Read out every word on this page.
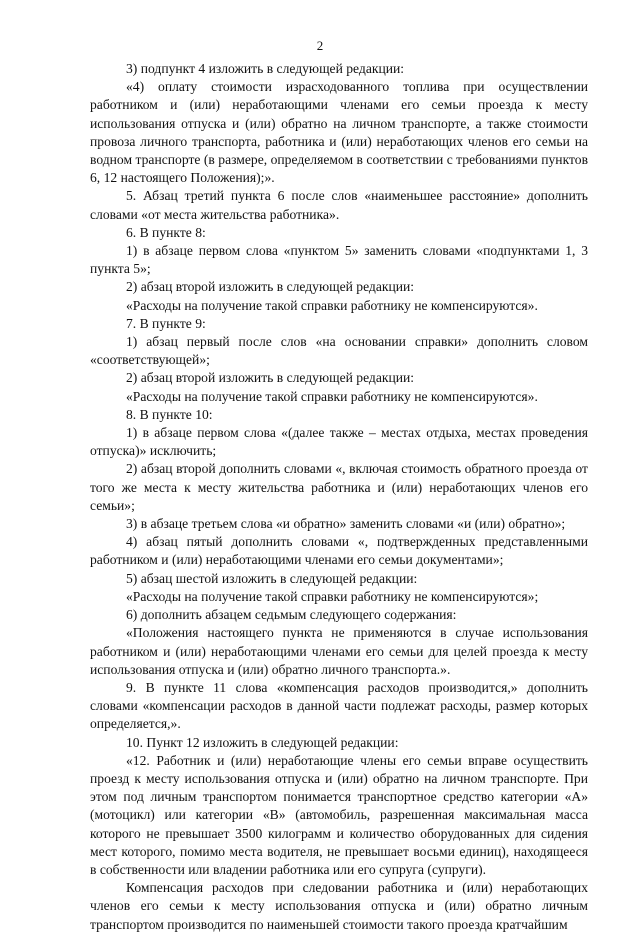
2

3) подпункт 4 изложить в следующей редакции:

«4) оплату стоимости израсходованного топлива при осуществлении работником и (или) неработающими членами его семьи проезда к месту использования отпуска и (или) обратно на личном транспорте, а также стоимости провоза личного транспорта, работника и (или) неработающих членов его семьи на водном транспорте (в размере, определяемом в соответствии с требованиями пунктов 6, 12 настоящего Положения);».

5. Абзац третий пункта 6 после слов «наименьшее расстояние» дополнить словами «от места жительства работника».

6. В пункте 8:

1) в абзаце первом слова «пунктом 5» заменить словами «подпунктами 1, 3 пункта 5»;

2) абзац второй изложить в следующей редакции:

«Расходы на получение такой справки работнику не компенсируются».

7. В пункте 9:

1) абзац первый после слов «на основании справки» дополнить словом «соответствующей»;

2) абзац второй изложить в следующей редакции:

«Расходы на получение такой справки работнику не компенсируются».

8. В пункте 10:

1) в абзаце первом слова «(далее также – местах отдыха, местах проведения отпуска)» исключить;

2) абзац второй дополнить словами «, включая стоимость обратного проезда от того же места к месту жительства работника и (или) неработающих членов его семьи»;

3) в абзаце третьем слова «и обратно» заменить словами «и (или) обратно»;

4) абзац пятый дополнить словами «, подтвержденных представленными работником и (или) неработающими членами его семьи документами»;

5) абзац шестой изложить в следующей редакции:

«Расходы на получение такой справки работнику не компенсируются»;

6) дополнить абзацем седьмым следующего содержания:

«Положения настоящего пункта не применяются в случае использования работником и (или) неработающими членами его семьи для целей проезда к месту использования отпуска и (или) обратно личного транспорта.».

9. В пункте 11 слова «компенсация расходов производится,» дополнить словами «компенсации расходов в данной части подлежат расходы, размер которых определяется,».

10. Пункт 12 изложить в следующей редакции:

«12. Работник и (или) неработающие члены его семьи вправе осуществить проезд к месту использования отпуска и (или) обратно на личном транспорте. При этом под личным транспортом понимается транспортное средство категории «A» (мотоцикл) или категории «B» (автомобиль, разрешенная максимальная масса которого не превышает 3500 килограмм и количество оборудованных для сидения мест которого, помимо места водителя, не превышает восьми единиц), находящееся в собственности или владении работника или его супруга (супруги).

Компенсация расходов при следовании работника и (или) неработающих членов его семьи к месту использования отпуска и (или) обратно личным транспортом производится по наименьшей стоимости такого проезда кратчайшим
